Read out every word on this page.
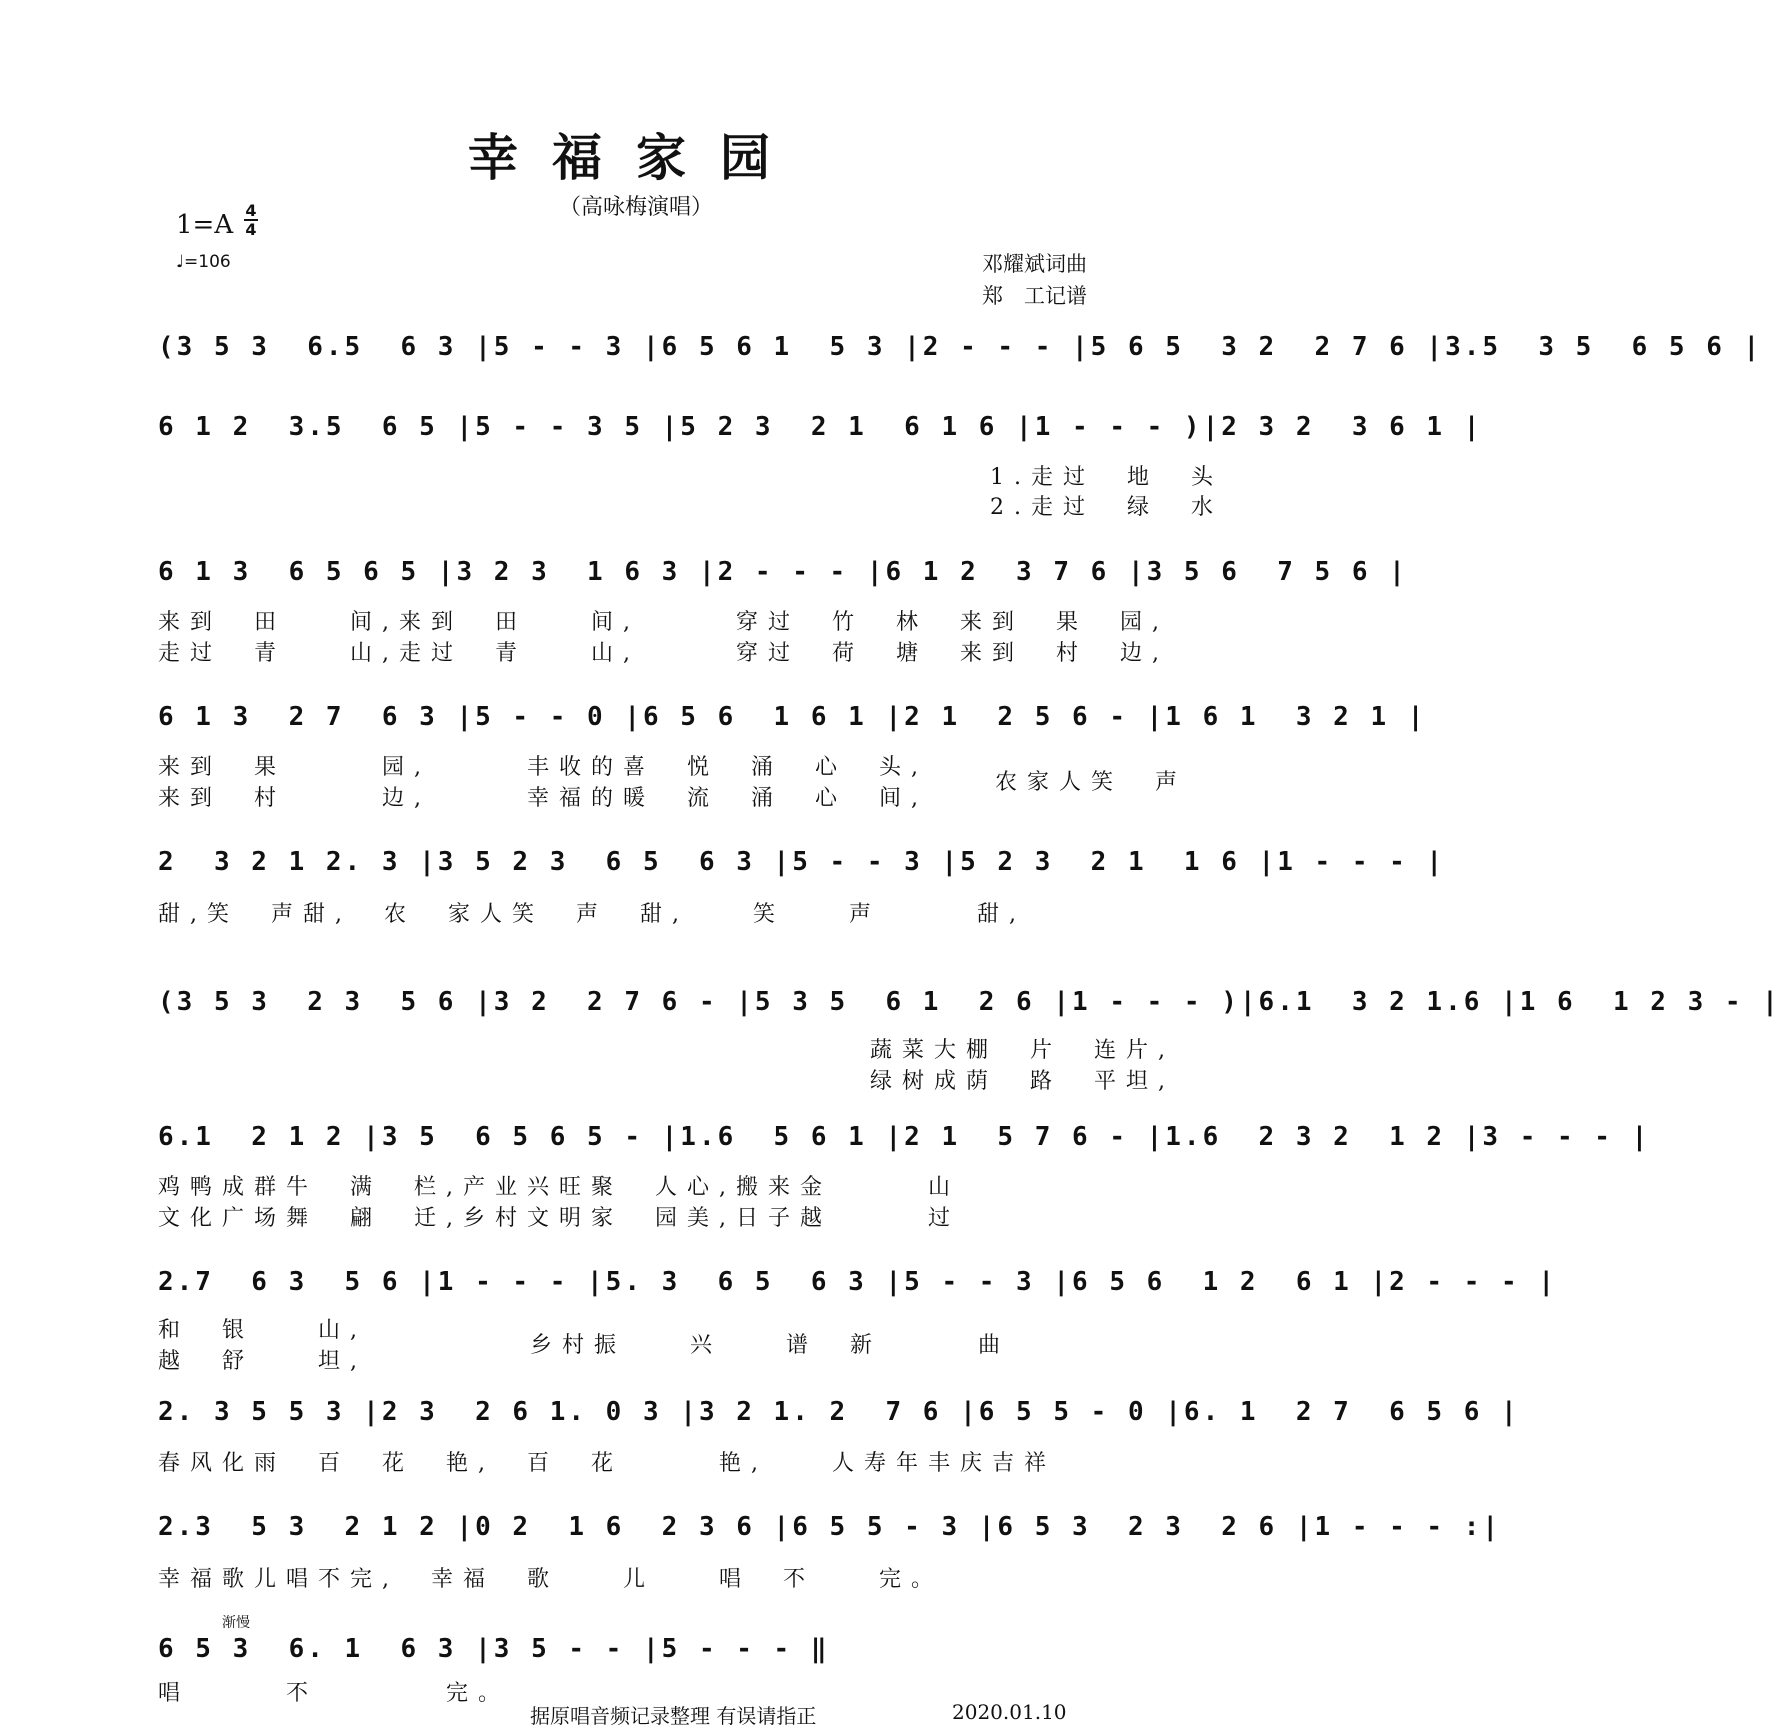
幸福家园
（高咏梅演唱）
1=A 4
4
♩=106	邓耀斌词曲
郑　工记谱
(3 5 3  6.5  6 3 |5 - - 3 |6 5 6 1  5 3 |2 - - - |5 6 5  3 2  2 7 6 |3.5  3 5  6 5 6 |
6 1 2  3.5  6 5 |5 - - 3 5 |5 2 3  2 1  6 1 6 |1 - - - )|2 3 2  3 6 1 |
1.走过　地　头
2.走过　绿　水
6 1 3  6 5 6 5 |3 2 3  1 6 3 |2 - - - |6 1 2  3 7 6 |3 5 6  7 5 6 |
来到　田　　间,来到　田　　间,　　　穿过　竹　林　来到　果　园,
走过　青　　山,走过　青　　山,　　　穿过　荷　塘　来到　村　边,
6 1 3  2 7  6 3 |5 - - 0 |6 5 6  1 6 1 |2 1  2 5 6 - |1 6 1  3 2 1 |
来到　果　　　园,　　　丰收的喜　悦　涌　心　头,
来到　村　　　边,　　　幸福的暖　流　涌　心　间,
农家人笑　声
2  3 2 1 2. 3 |3 5 2 3  6 5  6 3 |5 - - 3 |5 2 3  2 1  1 6 |1 - - - |
甜,笑　声甜,　农　家人笑　声　甜,　　笑　　声　　　甜,
(3 5 3  2 3  5 6 |3 2  2 7 6 - |5 3 5  6 1  2 6 |1 - - - )|6.1  3 2 1.6 |1 6  1 2 3 - |
蔬菜大棚　片　连片,
绿树成荫　路　平坦,
6.1  2 1 2 |3 5  6 5 6 5 - |1.6  5 6 1 |2 1  5 7 6 - |1.6  2 3 2  1 2 |3 - - - |
鸡鸭成群牛　满　栏,产业兴旺聚　人心,搬来金　　　山
文化广场舞　翩　迁,乡村文明家　园美,日子越　　　过
2.7  6 3  5 6 |1 - - - |5. 3  6 5  6 3 |5 - - 3 |6 5 6  1 2  6 1 |2 - - - |
和　银　　山,
越　舒　　坦,
乡村振　　兴　　谱　新　　　曲
2. 3 5 5 3 |2 3  2 6 1. 0 3 |3 2 1. 2  7 6 |6 5 5 - 0 |6. 1  2 7  6 5 6 |
春风化雨　百　花　艳,　百　花　　　艳,　　人寿年丰庆吉祥
2.3  5 3  2 1 2 |0 2  1 6  2 3 6 |6 5 5 - 3 |6 5 3  2 3  2 6 |1 - - - :|
幸福歌儿唱不完,　幸福　歌　　儿　　唱　不　　完。
渐慢
6 5 3  6. 1  6 3 |3 5 - - |5 - - - ‖
唱　　　不　　　　完。
据原唱音频记录整理 有误请指正	2020.01.10
